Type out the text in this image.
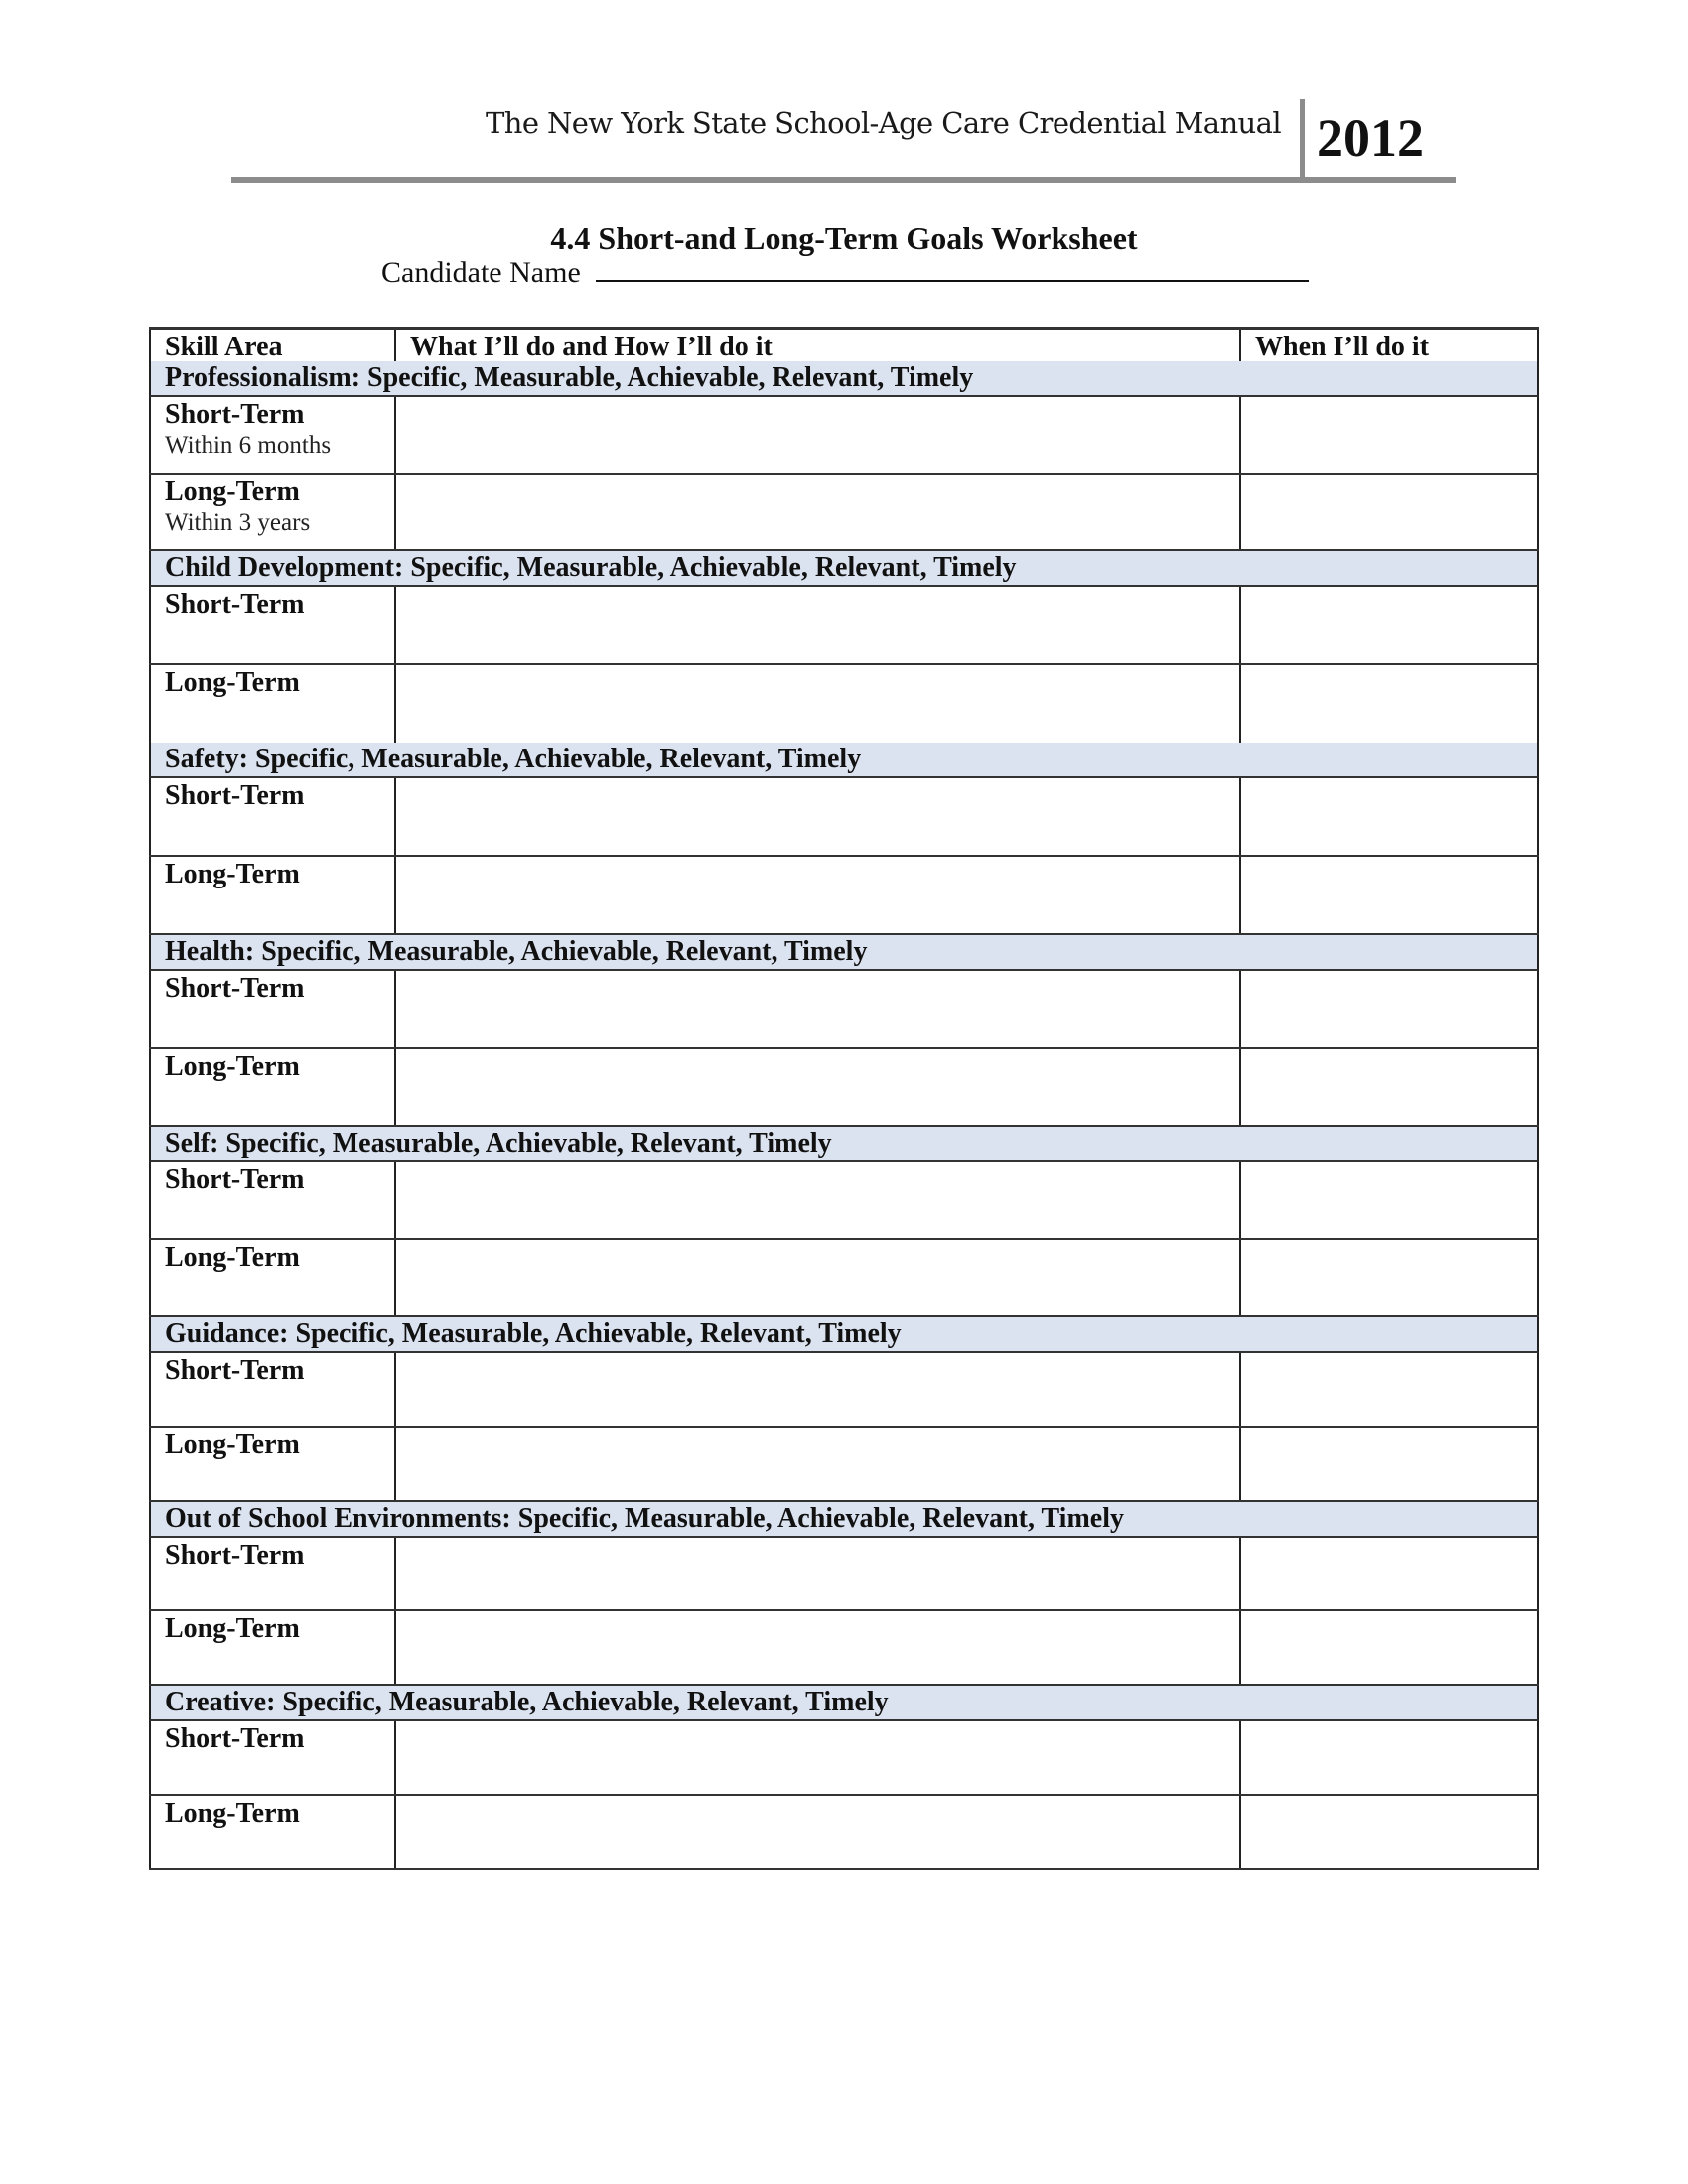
The New York State School-Age Care Credential Manual 2012
4.4 Short-and Long-Term Goals Worksheet
Candidate Name
Skill Area	What I’ll do and How I’ll do it	When I’ll do it
Professionalism: Specific, Measurable, Achievable, Relevant, Timely
Short-Term
Within 6 months
Long-Term
Within 3 years
Child Development: Specific, Measurable, Achievable, Relevant, Timely
Short-Term
Long-Term
Safety: Specific, Measurable, Achievable, Relevant, Timely
Short-Term
Long-Term
Health: Specific, Measurable, Achievable, Relevant, Timely
Short-Term
Long-Term
Self: Specific, Measurable, Achievable, Relevant, Timely
Short-Term
Long-Term
Guidance: Specific, Measurable, Achievable, Relevant, Timely
Short-Term
Long-Term
Out of School Environments: Specific, Measurable, Achievable, Relevant, Timely
Short-Term
Long-Term
Creative: Specific, Measurable, Achievable, Relevant, Timely
Short-Term
Long-Term
